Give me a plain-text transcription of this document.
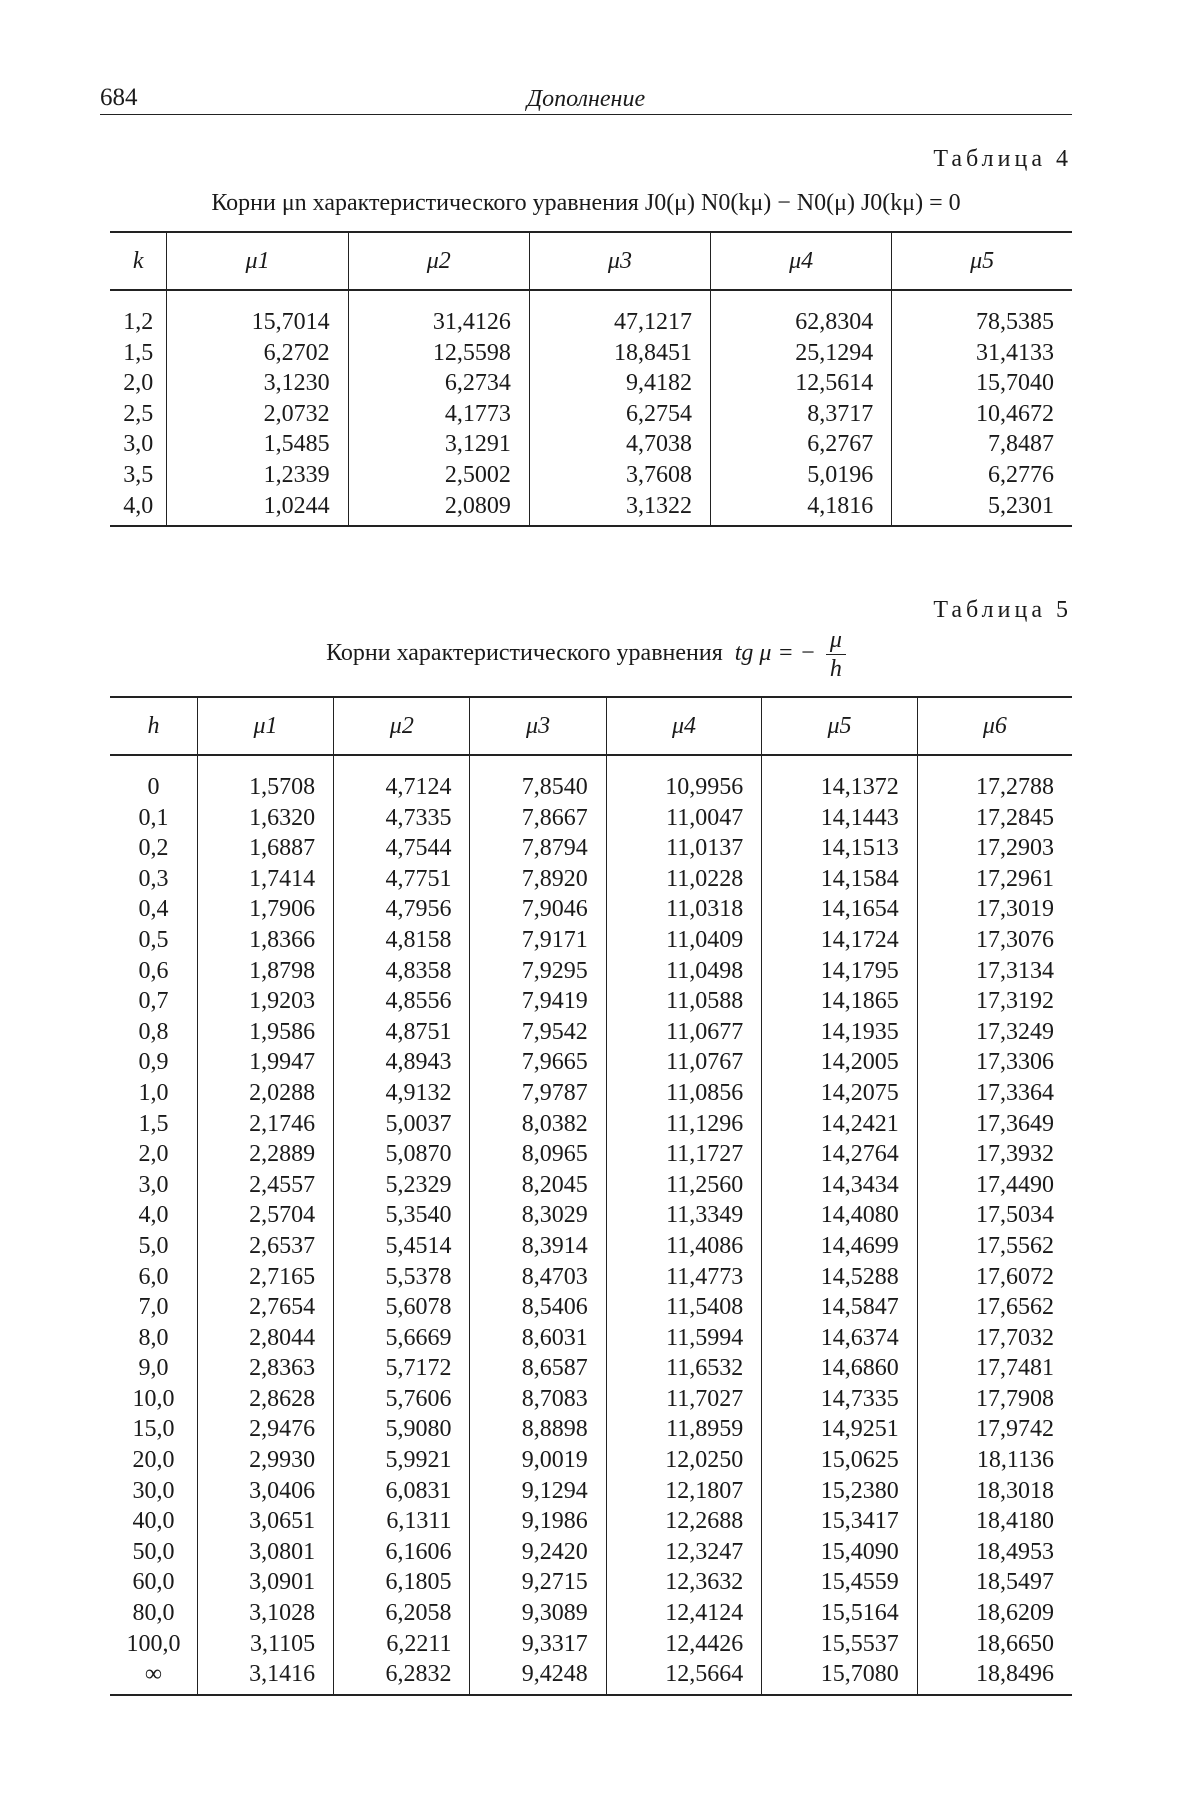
684	Дополнение
Таблица 4
Корни μn характеристического уравнения J0(μ) N0(kμ) − N0(μ) J0(kμ) = 0
k	μ1	μ2	μ3	μ4	μ5

1,2	15,7014	31,4126	47,1217	62,8304	78,5385
1,5	6,2702	12,5598	18,8451	25,1294	31,4133
2,0	3,1230	6,2734	9,4182	12,5614	15,7040
2,5	2,0732	4,1773	6,2754	8,3717	10,4672
3,0	1,5485	3,1291	4,7038	6,2767	7,8487
3,5	1,2339	2,5002	3,7608	5,0196	6,2776
4,0	1,0244	2,0809	3,1322	4,1816	5,2301
Таблица 5
Корни характеристического уравнения tg μ = − $\frac{\mu}{h}$
h	μ1	μ2	μ3	μ4	μ5	μ6

0	1,5708	4,7124	7,8540	10,9956	14,1372	17,2788
0,1	1,6320	4,7335	7,8667	11,0047	14,1443	17,2845
0,2	1,6887	4,7544	7,8794	11,0137	14,1513	17,2903
0,3	1,7414	4,7751	7,8920	11,0228	14,1584	17,2961
0,4	1,7906	4,7956	7,9046	11,0318	14,1654	17,3019
0,5	1,8366	4,8158	7,9171	11,0409	14,1724	17,3076
0,6	1,8798	4,8358	7,9295	11,0498	14,1795	17,3134
0,7	1,9203	4,8556	7,9419	11,0588	14,1865	17,3192
0,8	1,9586	4,8751	7,9542	11,0677	14,1935	17,3249
0,9	1,9947	4,8943	7,9665	11,0767	14,2005	17,3306
1,0	2,0288	4,9132	7,9787	11,0856	14,2075	17,3364
1,5	2,1746	5,0037	8,0382	11,1296	14,2421	17,3649
2,0	2,2889	5,0870	8,0965	11,1727	14,2764	17,3932
3,0	2,4557	5,2329	8,2045	11,2560	14,3434	17,4490
4,0	2,5704	5,3540	8,3029	11,3349	14,4080	17,5034
5,0	2,6537	5,4514	8,3914	11,4086	14,4699	17,5562
6,0	2,7165	5,5378	8,4703	11,4773	14,5288	17,6072
7,0	2,7654	5,6078	8,5406	11,5408	14,5847	17,6562
8,0	2,8044	5,6669	8,6031	11,5994	14,6374	17,7032
9,0	2,8363	5,7172	8,6587	11,6532	14,6860	17,7481
10,0	2,8628	5,7606	8,7083	11,7027	14,7335	17,7908
15,0	2,9476	5,9080	8,8898	11,8959	14,9251	17,9742
20,0	2,9930	5,9921	9,0019	12,0250	15,0625	18,1136
30,0	3,0406	6,0831	9,1294	12,1807	15,2380	18,3018
40,0	3,0651	6,1311	9,1986	12,2688	15,3417	18,4180
50,0	3,0801	6,1606	9,2420	12,3247	15,4090	18,4953
60,0	3,0901	6,1805	9,2715	12,3632	15,4559	18,5497
80,0	3,1028	6,2058	9,3089	12,4124	15,5164	18,6209
100,0	3,1105	6,2211	9,3317	12,4426	15,5537	18,6650
∞	3,1416	6,2832	9,4248	12,5664	15,7080	18,8496
